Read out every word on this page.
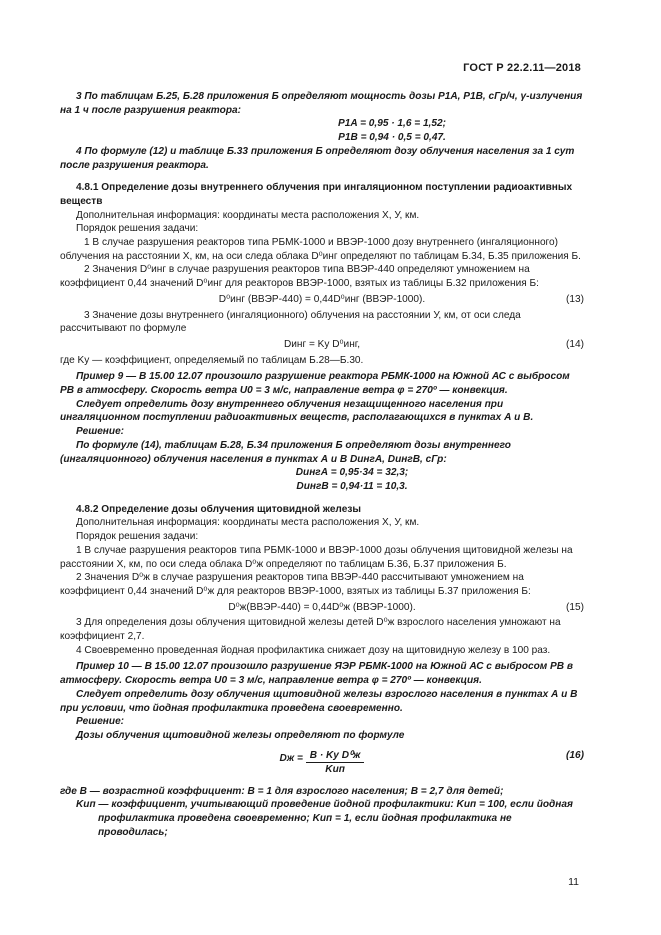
ГОСТ Р 22.2.11—2018

3 По таблицам Б.25, Б.28 приложения Б определяют мощность дозы P1A, P1B, сГр/ч, γ-излучения на 1 ч после разрушения реактора:

P1A = 0,95 · 1,6 = 1,52;

P1B = 0,94 · 0,5 = 0,47.

4 По формуле (12) и таблице Б.33 приложения Б определяют дозу облучения населения за 1 сут после разрушения реактора.

4.8.1 Определение дозы внутреннего облучения при ингаляционном поступлении радиоактивных веществ

Дополнительная информация: координаты места расположения X, У, км.

Порядок решения задачи:

1 В случае разрушения реакторов типа РБМК-1000 и ВВЭР-1000 дозу внутреннего (ингаляционного) облучения на расстоянии X, км, на оси следа облака D⁰инг определяют по таблицам Б.34, Б.35 приложения Б.

2 Значения D⁰инг в случае разрушения реакторов типа ВВЭР-440 определяют умножением на коэффициент 0,44 значений D⁰инг для реакторов ВВЭР-1000, взятых из таблицы Б.32 приложения Б:

D⁰инг (ВВЭР-440) = 0,44D⁰инг (ВВЭР-1000).	(13)

3 Значение дозы внутреннего (ингаляционного) облучения на расстоянии У, км, от оси следа рассчитывают по формуле

Dинг = Ky D⁰инг,	(14)

где Ky — коэффициент, определяемый по таблицам Б.28—Б.30.

Пример 9 — В 15.00 12.07 произошло разрушение реактора РБМК-1000 на Южной АС с выбросом РВ в атмосферу. Скорость ветра U0 = 3 м/с, направление ветра φ = 270º — конвекция.

Следует определить дозу внутреннего облучения незащищенного населения при ингаляционном поступлении радиоактивных веществ, располагающихся в пунктах А и В.

Решение:

По формуле (14), таблицам Б.28, Б.34 приложения Б определяют дозы внутреннего (ингаляционного) облучения населения в пунктах А и В DингА, DингВ, сГр:

DингА = 0,95·34 = 32,3;

DингВ = 0,94·11 = 10,3.

4.8.2 Определение дозы облучения щитовидной железы

Дополнительная информация: координаты места расположения X, У, км.

Порядок решения задачи:

1 В случае разрушения реакторов типа РБМК-1000 и ВВЭР-1000 дозы облучения щитовидной железы на расстоянии X, км, по оси следа облака D⁰ж определяют по таблицам Б.36, Б.37 приложения Б.

2 Значения D⁰ж в случае разрушения реакторов типа ВВЭР-440 рассчитывают умножением на коэффициент 0,44 значений D⁰ж для реакторов ВВЭР-1000, взятых из таблицы Б.37 приложения Б:

D⁰ж(ВВЭР-440) = 0,44D⁰ж (ВВЭР-1000).	(15)

3 Для определения дозы облучения щитовидной железы детей D⁰ж взрослого населения умножают на коэффициент 2,7.

4 Своевременно проведенная йодная профилактика снижает дозу на щитовидную железу в 100 раз.

Пример 10 — В 15.00 12.07 произошло разрушение ЯЭР РБМК-1000 на Южной АС с выбросом РВ в атмосферу. Скорость ветра U0 = 3 м/с, направление ветра φ = 270º — конвекция.

Следует определить дозу облучения щитовидной железы взрослого населения в пунктах А и В при условии, что йодная профилактика проведена своевременно.

Решение:

Дозы облучения щитовидной железы определяют по формуле

Dж = B · Ky D⁰ж
Kип
(16)

где B — возрастной коэффициент: B = 1 для взрослого населения; B = 2,7 для детей;

Kип — коэффициент, учитывающий проведение йодной профилактики: Kип = 100, если йодная профилактика проведена своевременно; Kип = 1, если йодная профилактика не проводилась;

11
